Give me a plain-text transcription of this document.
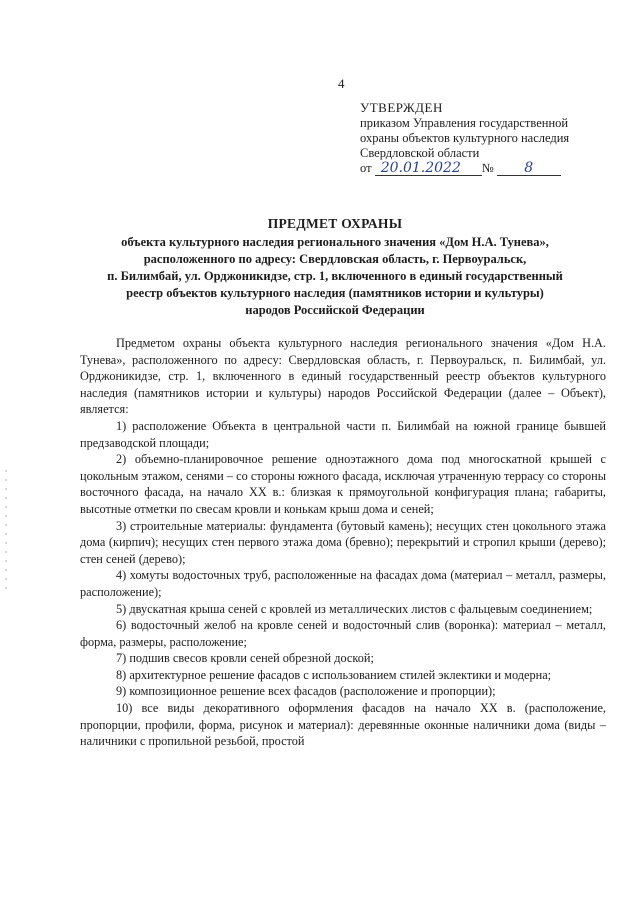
4
УТВЕРЖДЕН
приказом Управления государственной
охраны объектов культурного наследия
Свердловской области
от 20.01.2022 № 8
ПРЕДМЕТ ОХРАНЫ
объекта культурного наследия регионального значения «Дом Н.А. Тунева»,
расположенного по адресу: Свердловская область, г. Первоуральск,
п. Билимбай, ул. Орджоникидзе, стр. 1, включенного в единый государственный
реестр объектов культурного наследия (памятников истории и культуры)
народов Российской Федерации

Предметом охраны объекта культурного наследия регионального значения «Дом Н.А. Тунева», расположенного по адресу: Свердловская область, г. Первоуральск, п. Билимбай, ул. Орджоникидзе, стр. 1, включенного в единый государственный реестр объектов культурного наследия (памятников истории и культуры) народов Российской Федерации (далее – Объект), является:

1) расположение Объекта в центральной части п. Билимбай на южной границе бывшей предзаводской площади;

2) объемно-планировочное решение одноэтажного дома под многоскатной крышей с цокольным этажом, сенями – со стороны южного фасада, исключая утраченную террасу со стороны восточного фасада, на начало XX в.: близкая к прямоугольной конфигурация плана; габариты, высотные отметки по свесам кровли и конькам крыш дома и сеней;

3) строительные материалы: фундамента (бутовый камень); несущих стен цокольного этажа дома (кирпич); несущих стен первого этажа дома (бревно); перекрытий и стропил крыши (дерево); стен сеней (дерево);

4) хомуты водосточных труб, расположенные на фасадах дома (материал – металл, размеры, расположение);

5) двускатная крыша сеней с кровлей из металлических листов с фальцевым соединением;

6) водосточный желоб на кровле сеней и водосточный слив (воронка): материал – металл, форма, размеры, расположение;

7) подшив свесов кровли сеней обрезной доской;

8) архитектурное решение фасадов с использованием стилей эклектики и модерна;

9) композиционное решение всех фасадов (расположение и пропорции);

10) все виды декоративного оформления фасадов на начало XX в. (расположение, пропорции, профили, форма, рисунок и материал): деревянные оконные наличники дома (виды – наличники с пропильной резьбой, простой
